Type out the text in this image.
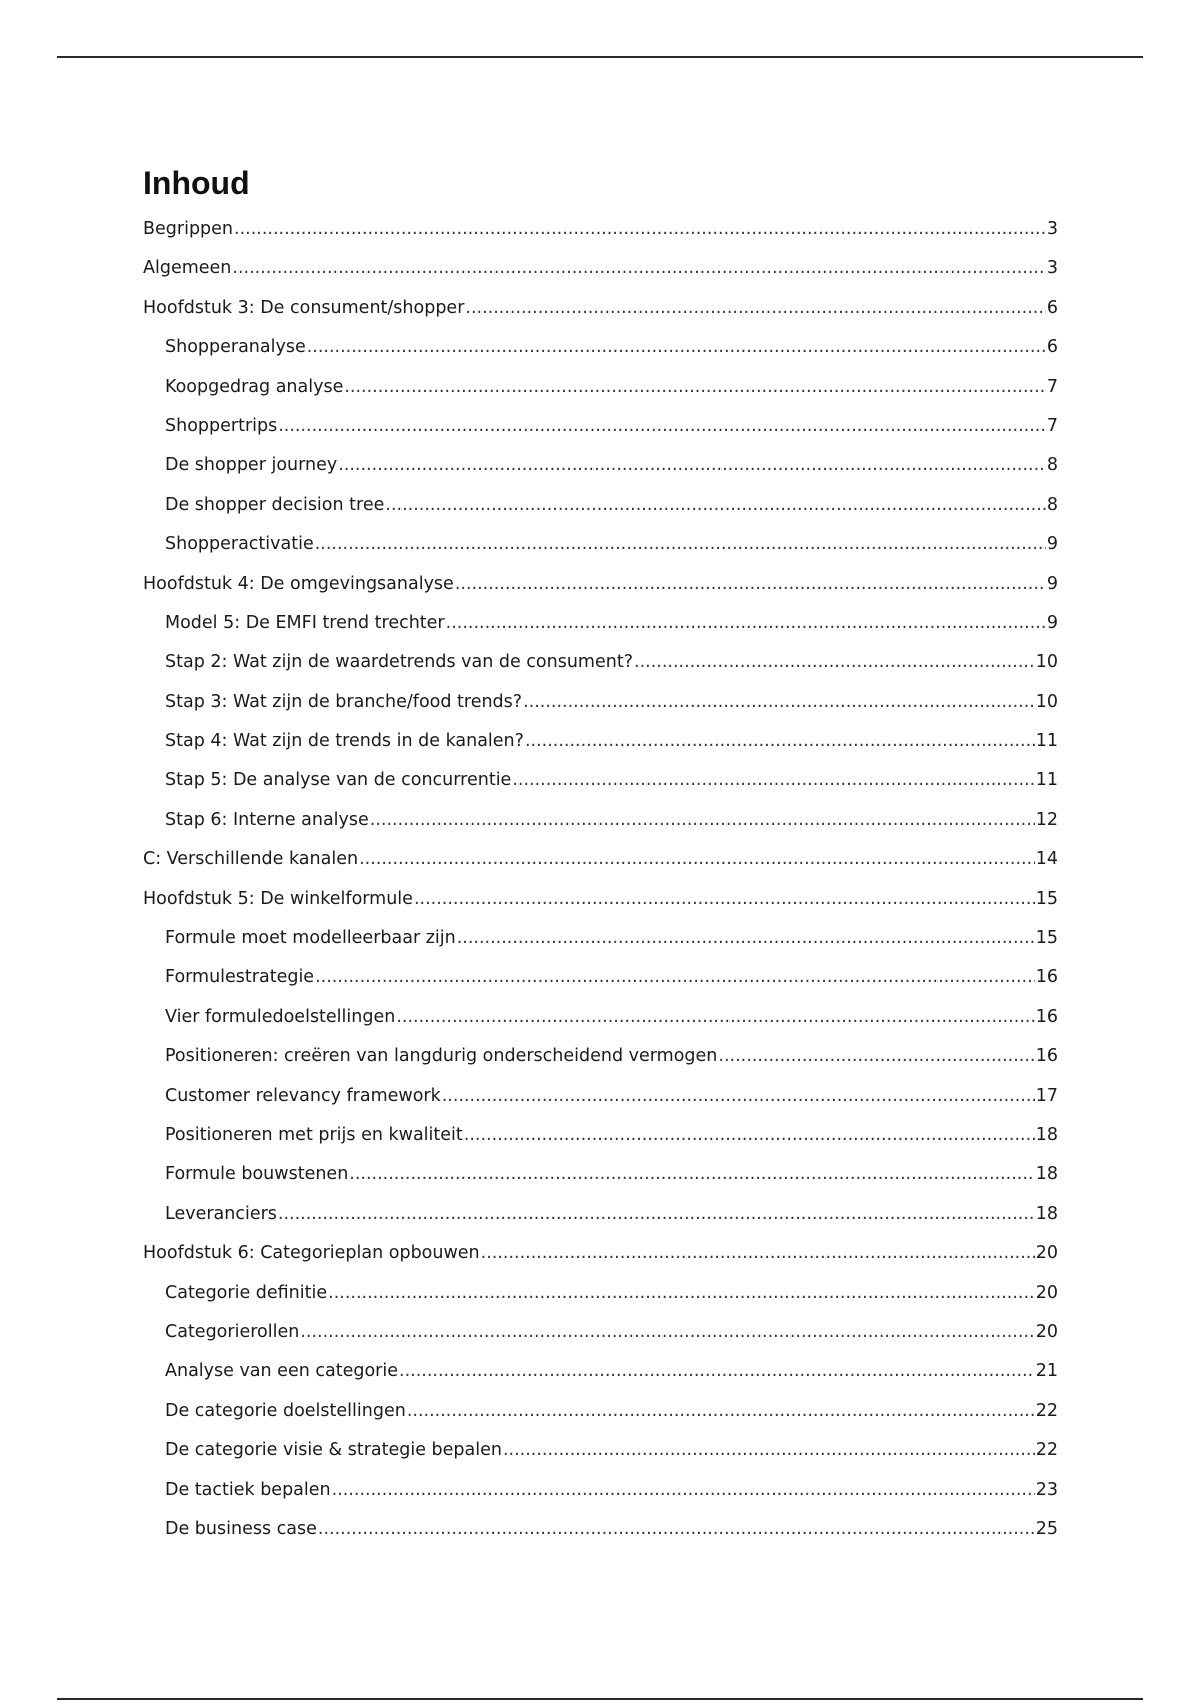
Inhoud
Begrippen .....	3
Algemeen .....	3
Hoofdstuk 3: De consument/shopper .....	6
Shopperanalyse .....	6
Koopgedrag analyse .....	7
Shoppertrips .....	7
De shopper journey .....	8
De shopper decision tree .....	8
Shopperactivatie .....	9
Hoofdstuk 4: De omgevingsanalyse .....	9
Model 5: De EMFI trend trechter .....	9
Stap 2: Wat zijn de waardetrends van de consument? .....	10
Stap 3: Wat zijn de branche/food trends? .....	10
Stap 4: Wat zijn de trends in de kanalen? .....	11
Stap 5: De analyse van de concurrentie .....	11
Stap 6: Interne analyse .....	12
C: Verschillende kanalen .....	14
Hoofdstuk 5: De winkelformule .....	15
Formule moet modelleerbaar zijn .....	15
Formulestrategie .....	16
Vier formuledoelstellingen .....	16
Positioneren: creëren van langdurig onderscheidend vermogen .....	16
Customer relevancy framework .....	17
Positioneren met prijs en kwaliteit .....	18
Formule bouwstenen .....	18
Leveranciers .....	18
Hoofdstuk 6: Categorieplan opbouwen .....	20
Categorie definitie .....	20
Categorierollen .....	20
Analyse van een categorie .....	21
De categorie doelstellingen .....	22
De categorie visie & strategie bepalen .....	22
De tactiek bepalen .....	23
De business case .....	25
